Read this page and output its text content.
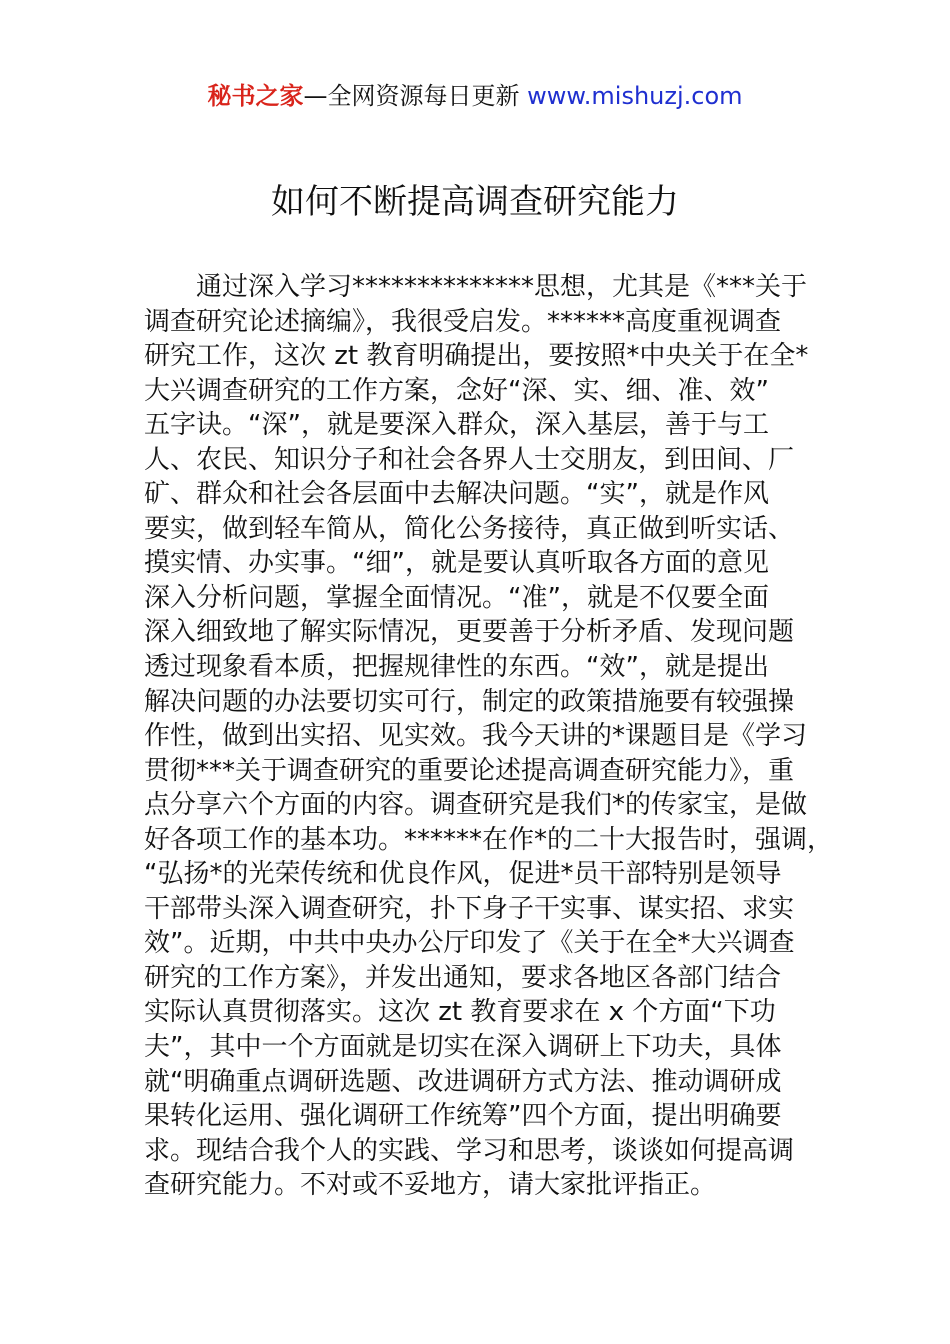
秘书之家—全网资源每日更新 www.mishuzj.com
如何不断提高调查研究能力
　　通过深入学习**************思想，尤其是《***关于
调查研究论述摘编》，我很受启发。******高度重视调查
研究工作，这次 zt 教育明确提出，要按照*中央关于在全*
大兴调查研究的工作方案，念好“深、实、细、准、效”
五字诀。“深”，就是要深入群众，深入基层，善于与工
人、农民、知识分子和社会各界人士交朋友，到田间、厂
矿、群众和社会各层面中去解决问题。“实”，就是作风
要实，做到轻车简从，简化公务接待，真正做到听实话、
摸实情、办实事。“细”，就是要认真听取各方面的意见
深入分析问题，掌握全面情况。“准”，就是不仅要全面
深入细致地了解实际情况，更要善于分析矛盾、发现问题
透过现象看本质，把握规律性的东西。“效”，就是提出
解决问题的办法要切实可行，制定的政策措施要有较强操
作性，做到出实招、见实效。我今天讲的*课题目是《学习
贯彻***关于调查研究的重要论述提高调查研究能力》，重
点分享六个方面的内容。调查研究是我们*的传家宝，是做
好各项工作的基本功。******在作*的二十大报告时，强调，
“弘扬*的光荣传统和优良作风，促进*员干部特别是领导
干部带头深入调查研究，扑下身子干实事、谋实招、求实
效”。近期，中共中央办公厅印发了《关于在全*大兴调查
研究的工作方案》，并发出通知，要求各地区各部门结合
实际认真贯彻落实。这次 zt 教育要求在 x 个方面“下功
夫”，其中一个方面就是切实在深入调研上下功夫，具体
就“明确重点调研选题、改进调研方式方法、推动调研成
果转化运用、强化调研工作统筹”四个方面，提出明确要
求。现结合我个人的实践、学习和思考，谈谈如何提高调
查研究能力。不对或不妥地方，请大家批评指正。
